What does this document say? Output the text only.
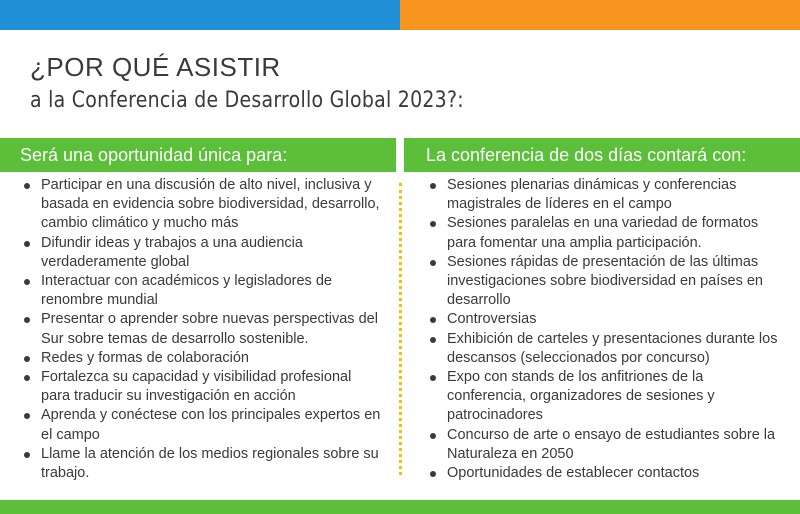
¿POR QUÉ ASISTIR
a la Conferencia de Desarrollo Global 2023?:
Será una oportunidad única para:	La conferencia de dos días contará con:
Participar en una discusión de alto nivel, inclusiva y basada en evidencia sobre biodiversidad, desarrollo, cambio climático y mucho más
Difundir ideas y trabajos a una audiencia verdaderamente global
Interactuar con académicos y legisladores de renombre mundial
Presentar o aprender sobre nuevas perspectivas del Sur sobre temas de desarrollo sostenible.
Redes y formas de colaboración
Fortalezca su capacidad y visibilidad profesional para traducir su investigación en acción
Aprenda y conéctese con los principales expertos en el campo
Llame la atención de los medios regionales sobre su trabajo.
Sesiones plenarias dinámicas y conferencias magistrales de líderes en el campo
Sesiones paralelas en una variedad de formatos para fomentar una amplia participación.
Sesiones rápidas de presentación de las últimas investigaciones sobre biodiversidad en países en desarrollo
Controversias
Exhibición de carteles y presentaciones durante los descansos (seleccionados por concurso)
Expo con stands de los anfitriones de la conferencia, organizadores de sesiones y patrocinadores
Concurso de arte o ensayo de estudiantes sobre la Naturaleza en 2050
Oportunidades de establecer contactos
